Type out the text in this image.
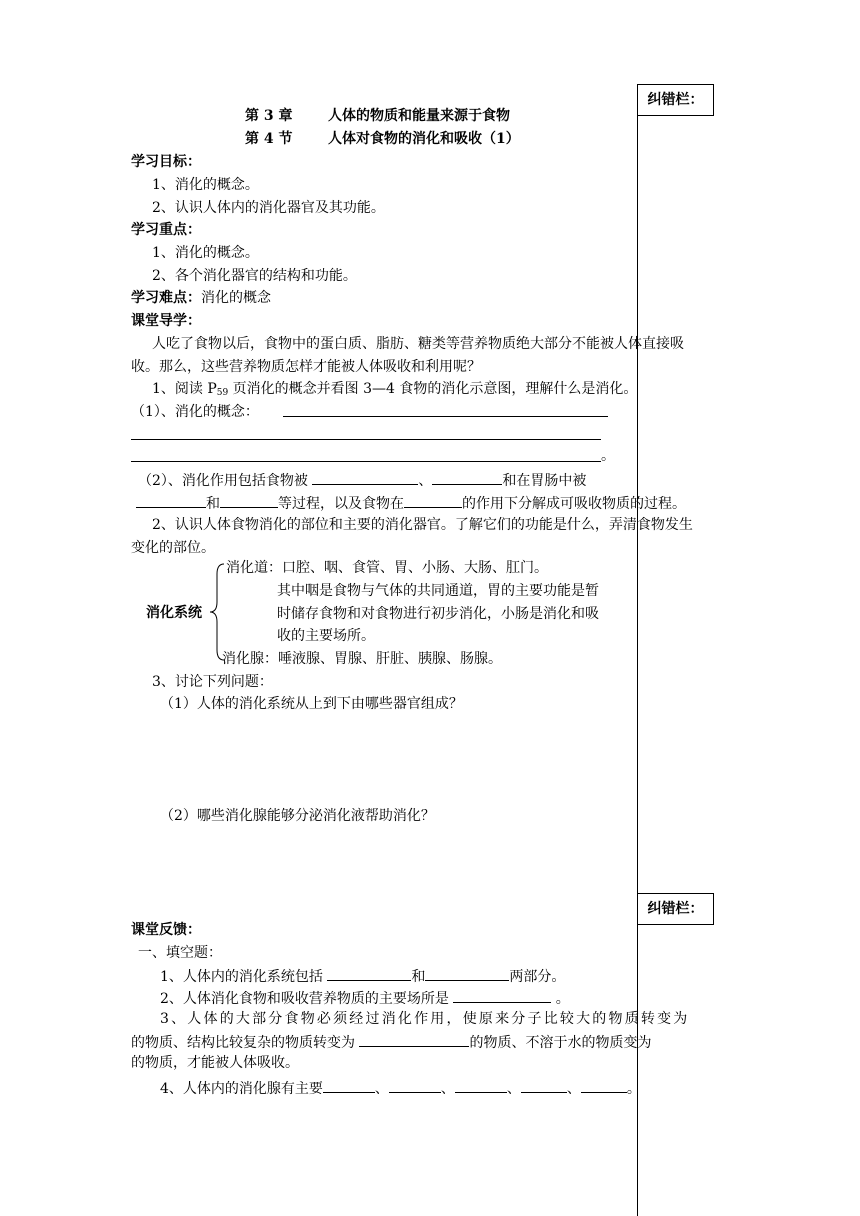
纠错栏：
纠错栏：
第 3 章	人体的物质和能量来源于食物
第 4 节	人体对食物的消化和吸收（1）
学习目标：
1、消化的概念。
2、认识人体内的消化器官及其功能。
学习重点：
1、消化的概念。
2、各个消化器官的结构和功能。
学习难点：消化的概念
课堂导学：
人吃了食物以后，食物中的蛋白质、脂肪、糖类等营养物质绝大部分不能被人体直接吸
收。那么，这些营养物质怎样才能被人体吸收和利用呢？
1、阅读 $P_{59}$ 页消化的概念并看图 3—4 食物的消化示意图，理解什么是消化。
（1）、消化的概念：
。
（2）、消化作用包括食物被	、	和在胃肠中被
和	等过程，以及食物在	的作用下分解成可吸收物质的过程。
2、认识人体食物消化的部位和主要的消化器官。了解它们的功能是什么，弄清食物发生
变化的部位。
消化系统
消化道：口腔、咽、食管、胃、小肠、大肠、肛门。
其中咽是食物与气体的共同通道，胃的主要功能是暂
时储存食物和对食物进行初步消化，小肠是消化和吸
收的主要场所。
消化腺：唾液腺、胃腺、肝脏、胰腺、肠腺。
3、讨论下列问题：
（1）人体的消化系统从上到下由哪些器官组成？
（2）哪些消化腺能够分泌消化液帮助消化？
课堂反馈：
一、填空题：
1、人体内的消化系统包括	和	两部分。
2、人体消化食物和吸收营养物质的主要场所是	。
3、人体的大部分食物必须经过消化作用，使原来分子比较大的物质转变为
的物质、结构比较复杂的物质转变为	的物质、不溶于水的物质变为
的物质，才能被人体吸收。
4、人体内的消化腺有主要	、	、	、	、	。
